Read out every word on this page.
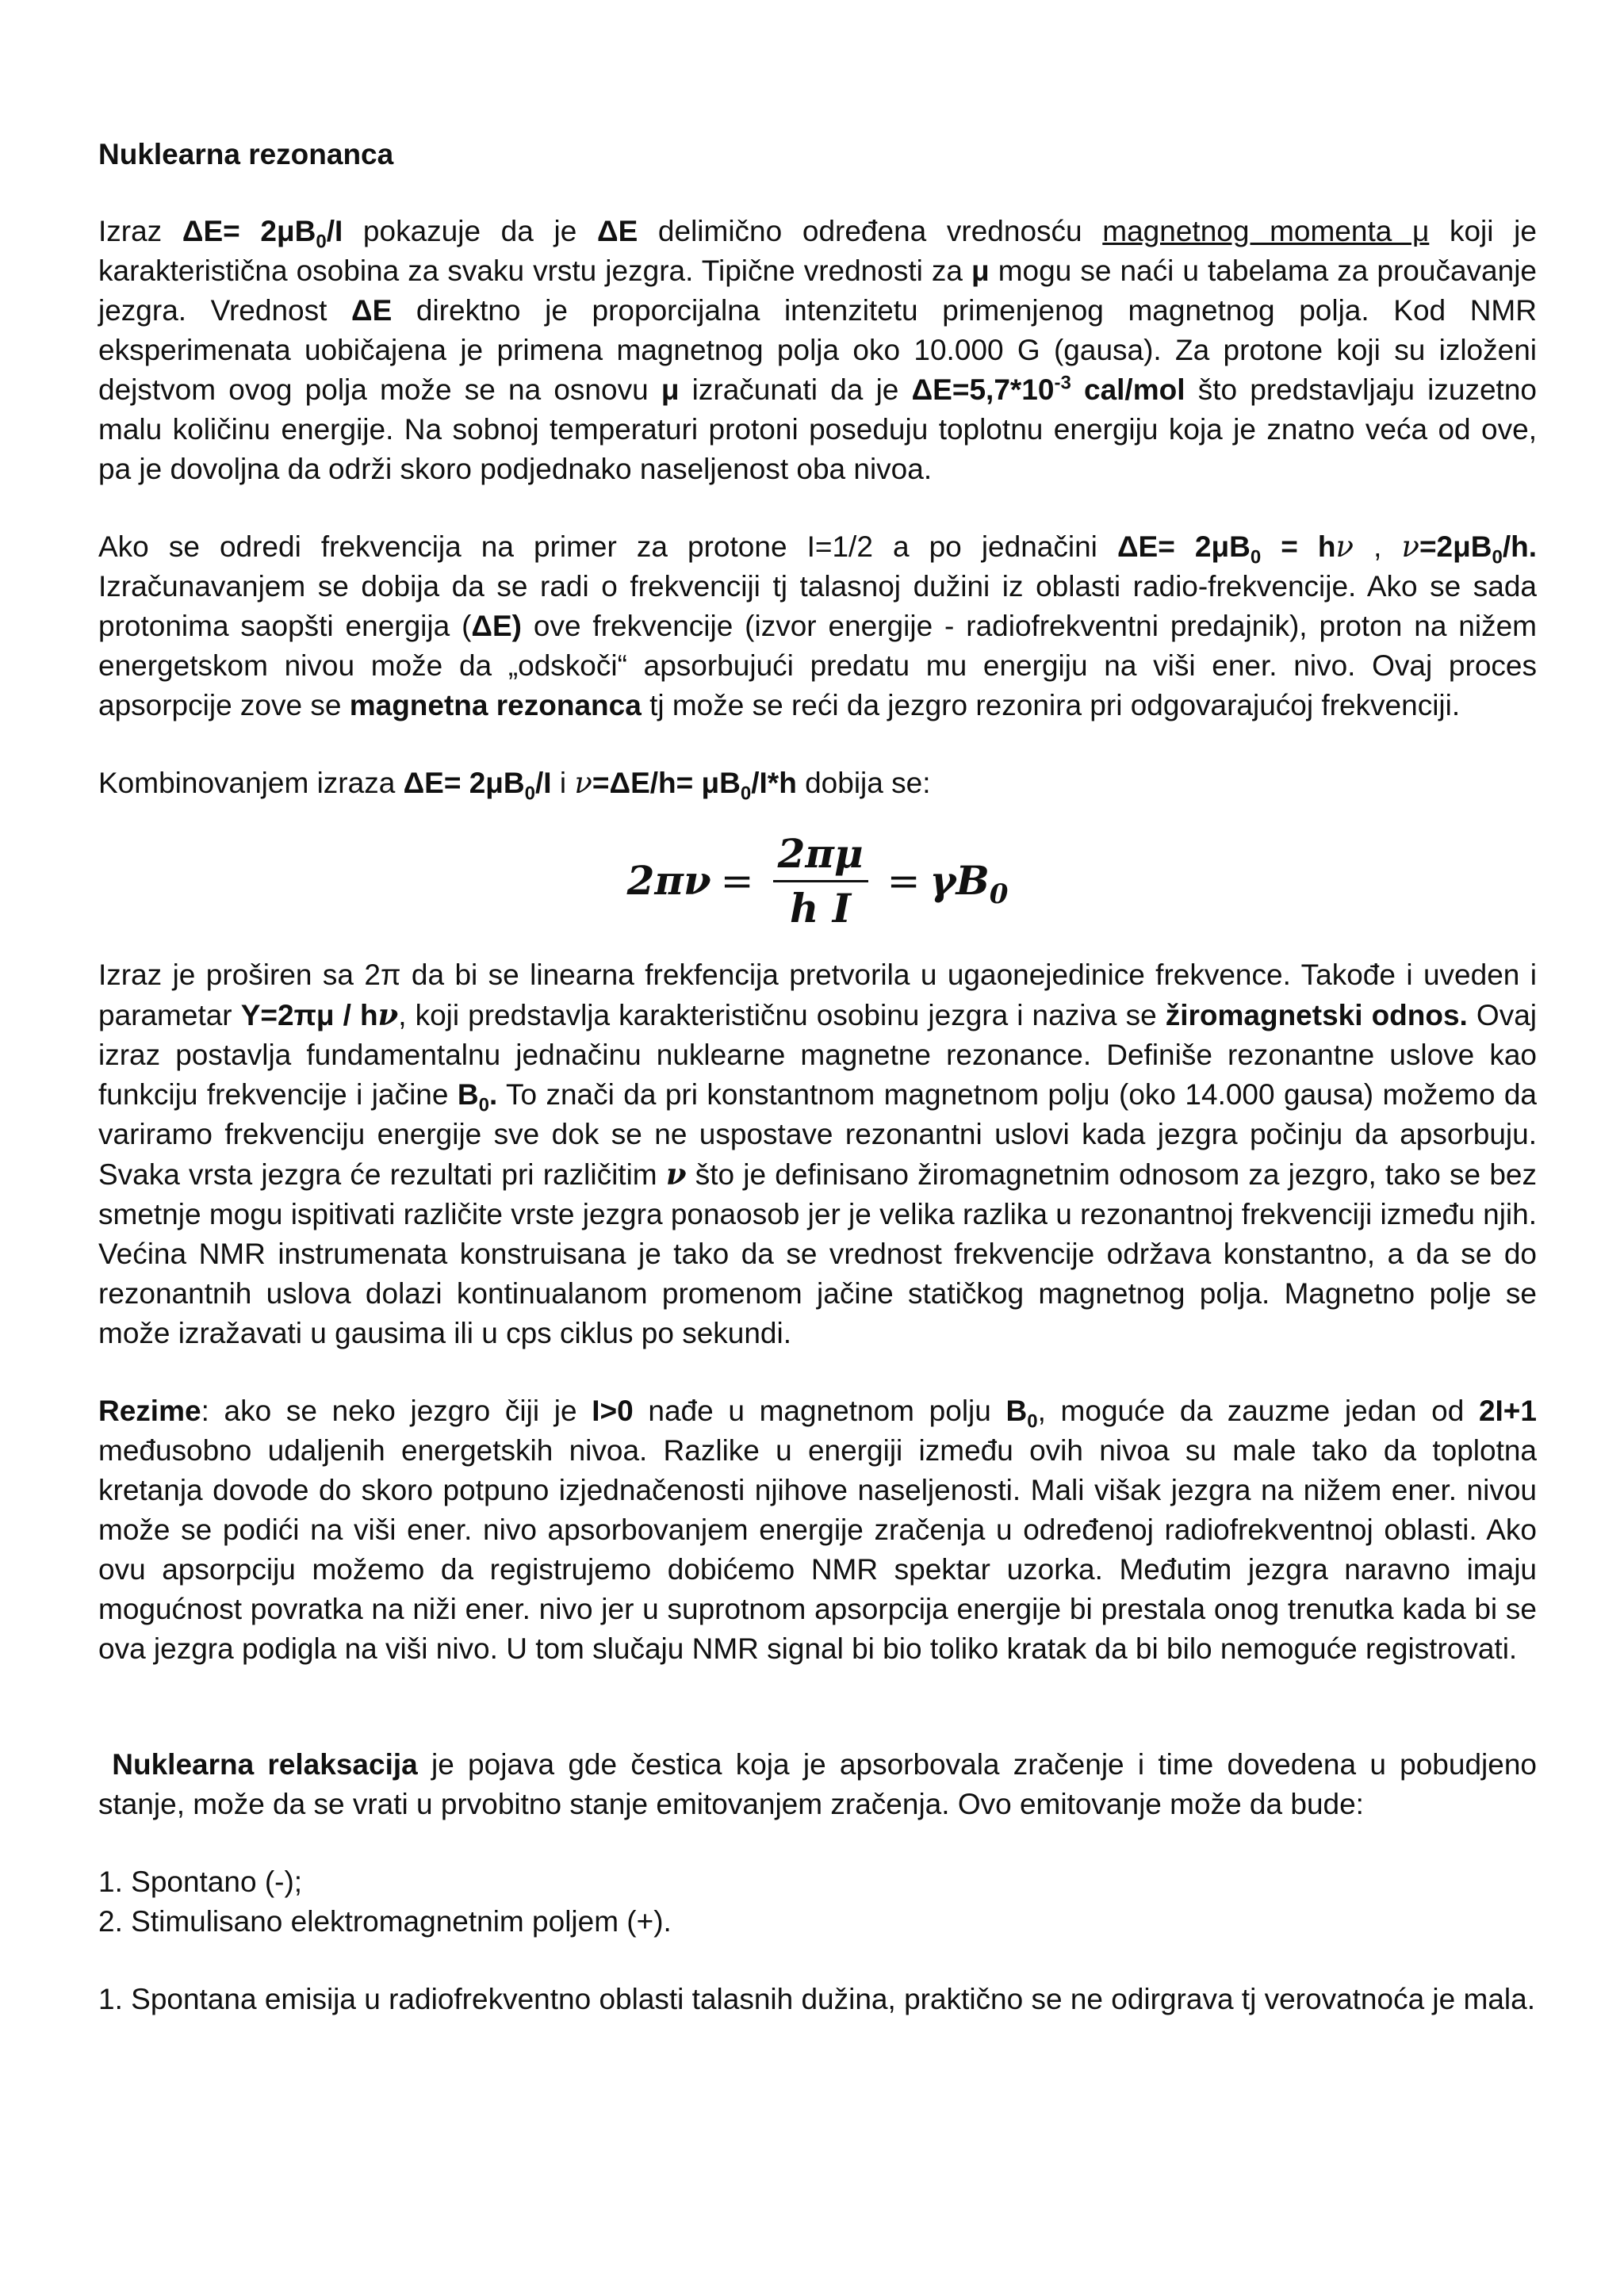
Nuklearna rezonanca

Izraz $\Delta E= 2\mu B_0/I$ pokazuje da je ΔE delimično određena vrednosću magnetnog momenta μ koji je karakteristična osobina za svaku vrstu jezgra. Tipične vrednosti za μ mogu se naći u tabelama za proučavanje jezgra. Vrednost ΔE direktno je proporcijalna intenzitetu primenjenog magnetnog polja. Kod NMR eksperimenata uobičajena je primena magnetnog polja oko 10.000 G (gausa). Za protone koji su izloženi dejstvom ovog polja može se na osnovu μ izračunati da je $\Delta E=5,7*10^{-3}$ cal/mol što predstavljaju izuzetno malu količinu energije. Na sobnoj temperaturi protoni poseduju toplotnu energiju koja je znatno veća od ove, pa je dovoljna da održi skoro podjednako naseljenost oba nivoa.

Ako se odredi frekvencija na primer za protone I=1/2 a po jednačini $\Delta E= 2\mu B_0 = h\nu$ , $\nu=2\mu B_0/h$. Izračunavanjem se dobija da se radi o frekvenciji tj talasnoj dužini iz oblasti radio-frekvencije. Ako se sada protonima saopšti energija (ΔE) ove frekvencije (izvor energije - radiofrekventni predajnik), proton na nižem energetskom nivou može da „odskoči“ apsorbujući predatu mu energiju na viši ener. nivo. Ovaj proces apsorpcije zove se magnetna rezonanca tj može se reći da jezgro rezonira pri odgovarajućoj frekvenciji.

Kombinovanjem izraza $\Delta E= 2\mu B_0/I$ i $\nu=\Delta E/h= \mu B_0/I*h$ dobija se:

$2\pi\nu = \frac{2\pi\mu}{\text{h I}} = \gamma B_0$

Izraz je proširen sa 2π da bi se linearna frekfencija pretvorila u ugaonejedinice frekvence. Takođe i uveden i parametar Y=2πμ / hν, koji predstavlja karakterističnu osobinu jezgra i naziva se žiromagnetski odnos. Ovaj izraz postavlja fundamentalnu jednačinu nuklearne magnetne rezonance. Definiše rezonantne uslove kao funkciju frekvencije i jačine $B_0$. To znači da pri konstantnom magnetnom polju (oko 14.000 gausa) možemo da variramo frekvenciju energije sve dok se ne uspostave rezonantni uslovi kada jezgra počinju da apsorbuju. Svaka vrsta jezgra će rezultati pri različitim ν što je definisano žiromagnetnim odnosom za jezgro, tako se bez smetnje mogu ispitivati različite vrste jezgra ponaosob jer je velika razlika u rezonantnoj frekvenciji između njih. Većina NMR instrumenata konstruisana je tako da se vrednost frekvencije održava konstantno, a da se do rezonantnih uslova dolazi kontinualanom promenom jačine statičkog magnetnog polja. Magnetno polje se može izražavati u gausima ili u cps ciklus po sekundi.

Rezime: ako se neko jezgro čiji je I>0 nađe u magnetnom polju $B_0$, moguće da zauzme jedan od 2I+1 međusobno udaljenih energetskih nivoa. Razlike u energiji između ovih nivoa su male tako da toplotna kretanja dovode do skoro potpuno izjednačenosti njihove naseljenosti. Mali višak jezgra na nižem ener. nivou može se podići na viši ener. nivo apsorbovanjem energije zračenja u određenoj radiofrekventnoj oblasti. Ako ovu apsorpciju možemo da registrujemo dobićemo NMR spektar uzorka. Međutim jezgra naravno imaju mogućnost povratka na niži ener. nivo jer u suprotnom apsorpcija energije bi prestala onog trenutka kada bi se ova jezgra podigla na viši nivo. U tom slučaju NMR signal bi bio toliko kratak da bi bilo nemoguće registrovati.

Nuklearna relaksacija je pojava gde čestica koja je apsorbovala zračenje i time dovedena u pobudjeno stanje, može da se vrati u prvobitno stanje emitovanjem zračenja. Ovo emitovanje može da bude:

1. Spontano (-);
2. Stimulisano elektromagnetnim poljem (+).

1. Spontana emisija u radiofrekventno oblasti talasnih dužina, praktično se ne odirgrava tj verovatnoća je mala.
